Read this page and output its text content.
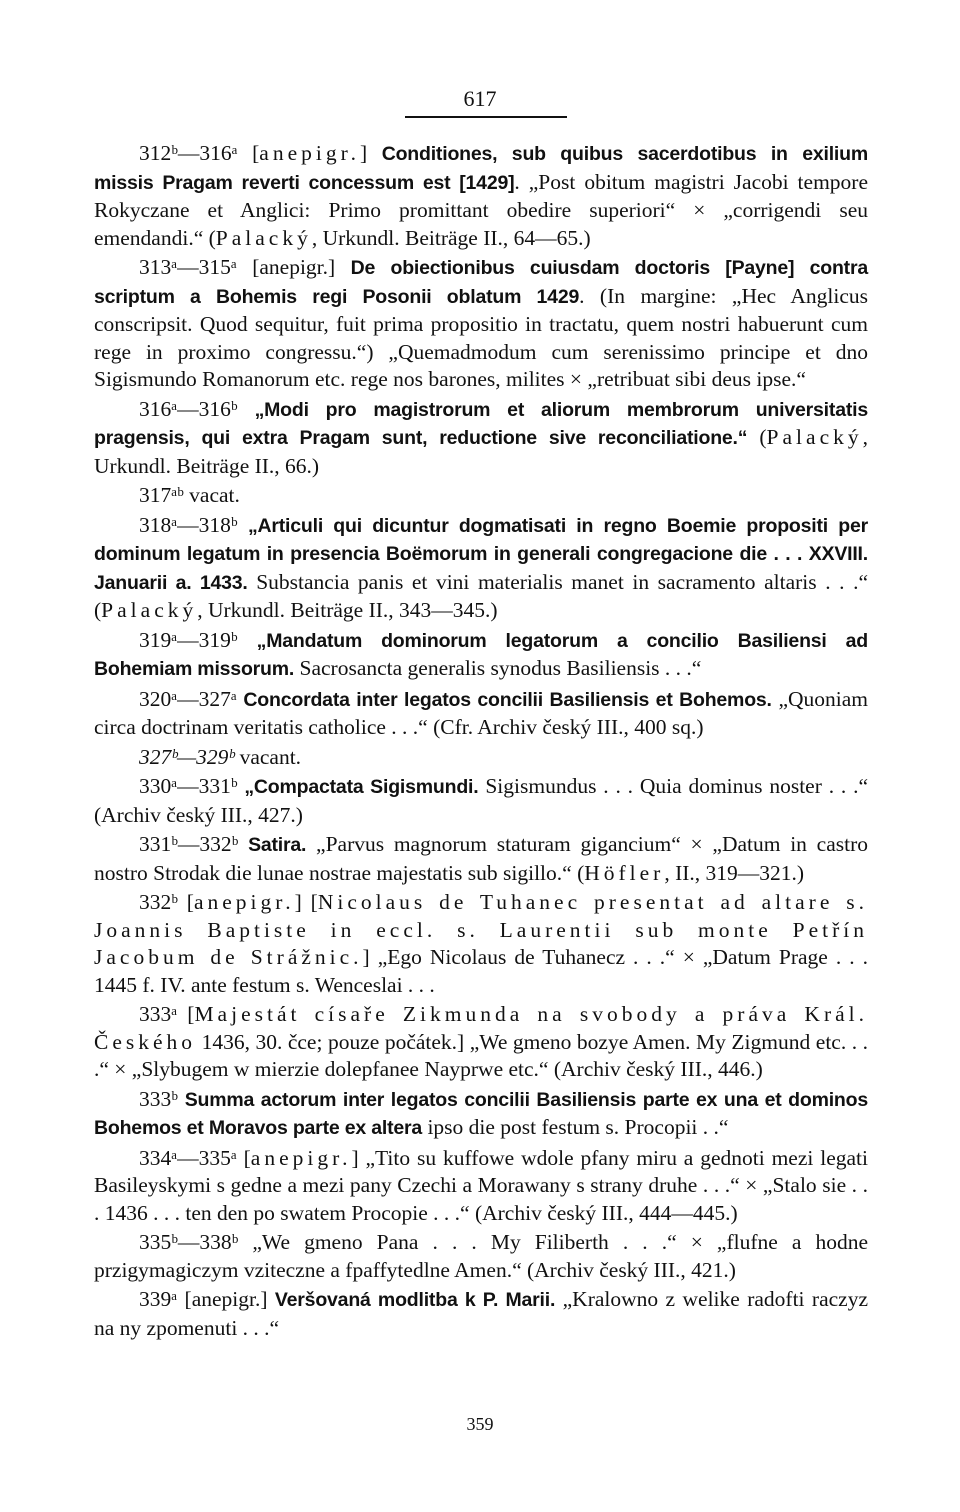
617

312ᵇ—316ᵃ [anepigr.] Conditiones, sub quibus sacerdotibus in exilium missis Pragam reverti concessum est [1429]. „Post obitum magistri Jacobi tempore Rokyczane et Anglici: Primo promittant obedire superiori“ × „corrigendi seu emendandi.“ (Palacký, Urkundl. Beiträge II., 64—65.)

313ᵃ—315ᵃ [anepigr.] De obiectionibus cuiusdam doctoris [Payne] contra scriptum a Bohemis regi Posonii oblatum 1429. (In margine: „Hec Anglicus conscripsit. Quod sequitur, fuit prima propositio in tractatu, quem nostri habuerunt cum rege in proximo congressu.“) „Quemadmodum cum serenissimo principe et dno Sigismundo Romanorum etc. rege nos barones, milites × „retribuat sibi deus ipse.“

316ᵃ—316ᵇ „Modi pro magistrorum et aliorum membrorum universitatis pragensis, qui extra Pragam sunt, reductione sive reconciliatione.“ (Palacký, Urkundl. Beiträge II., 66.)

317ᵃᵇ vacat.

318ᵃ—318ᵇ „Articuli qui dicuntur dogmatisati in regno Boemie propositi per dominum legatum in presencia Boëmorum in generali congregacione die . . . XXVIII. Januarii a. 1433. Substancia panis et vini materialis manet in sacramento altaris . . .“ (Palacký, Urkundl. Beiträge II., 343—345.)

319ᵃ—319ᵇ „Mandatum dominorum legatorum a concilio Basiliensi ad Bohemiam missorum. Sacrosancta generalis synodus Basiliensis . . .“

320ᵃ—327ᵃ Concordata inter legatos concilii Basiliensis et Bohemos. „Quoniam circa doctrinam veritatis catholice . . .“ (Cfr. Archiv český III., 400 sq.)

327ᵇ—329ᵇ vacant.

330ᵃ—331ᵇ „Compactata Sigismundi. Sigismundus . . . Quia dominus noster . . .“ (Archiv český III., 427.)

331ᵇ—332ᵇ Satira. „Parvus magnorum staturam gigancium“ × „Datum in castro nostro Strodak die lunae nostrae majestatis sub sigillo.“ (Höfler, II., 319—321.)

332ᵇ [anepigr.] [Nicolaus de Tuhanec presentat ad altare s. Joannis Baptiste in eccl. s. Laurentii sub monte Petřín Jacobum de Strážnic.] „Ego Nicolaus de Tuhanecz . . .“ × „Datum Prage . . . 1445 f. IV. ante festum s. Wenceslai . . .

333ᵃ [Majestát císaře Zikmunda na svobody a práva Král. Českého 1436, 30. čce; pouze počátek.] „We gmeno bozye Amen. My Zigmund etc. . . .“ × „Slybugem w mierzie dolepfanee Nayprwe etc.“ (Archiv český III., 446.)

333ᵇ Summa actorum inter legatos concilii Basiliensis parte ex una et dominos Bohemos et Moravos parte ex altera ipso die post festum s. Procopii . .“

334ᵃ—335ᵃ [anepigr.] „Tito su kuffowe wdole pfany miru a gednoti mezi legati Basileyskymi s gedne a mezi pany Czechi a Morawany s strany druhe . . .“ × „Stalo sie . . . 1436 . . . ten den po swatem Procopie . . .“ (Archiv český III., 444—445.)

335ᵇ—338ᵇ „We gmeno Pana . . . My Filiberth . . .“ × „flufne a hodne przigymagiczym vziteczne a fpaffytedlne Amen.“ (Archiv český III., 421.)

339ᵃ [anepigr.] Veršovaná modlitba k P. Marii. „Kralowno z welike radofti raczyz na ny zpomenuti . . .“

359
